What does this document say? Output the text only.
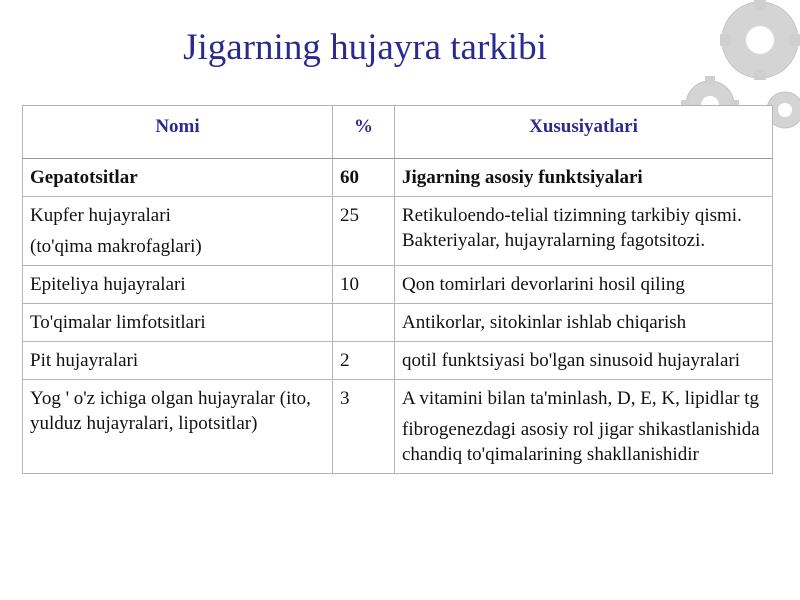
Jigarning hujayra tarkibi
Nomi	%	Xususiyatlari

Gepatotsitlar	60	Jigarning asosiy funktsiyalari

Kupfer hujayralari
(to'qima makrofaglari)	25	Retikuloendo-telial tizimning tarkibiy qismi. Bakteriyalar, hujayralarning fagotsitozi.

Epiteliya hujayralari	10	Qon tomirlari devorlarini hosil qiling

To'qimalar limfotsitlari		Antikorlar, sitokinlar ishlab chiqarish

Pit hujayralari	2	qotil funktsiyasi bo'lgan sinusoid hujayralari

Yog ' o'z ichiga olgan hujayralar (ito, yulduz hujayralari, lipotsitlar)	3	A vitamini bilan ta'minlash, D, E, K, lipidlar tg
fibrogenezdagi asosiy rol jigar shikastlanishida chandiq to'qimalarining shakllanishidir
